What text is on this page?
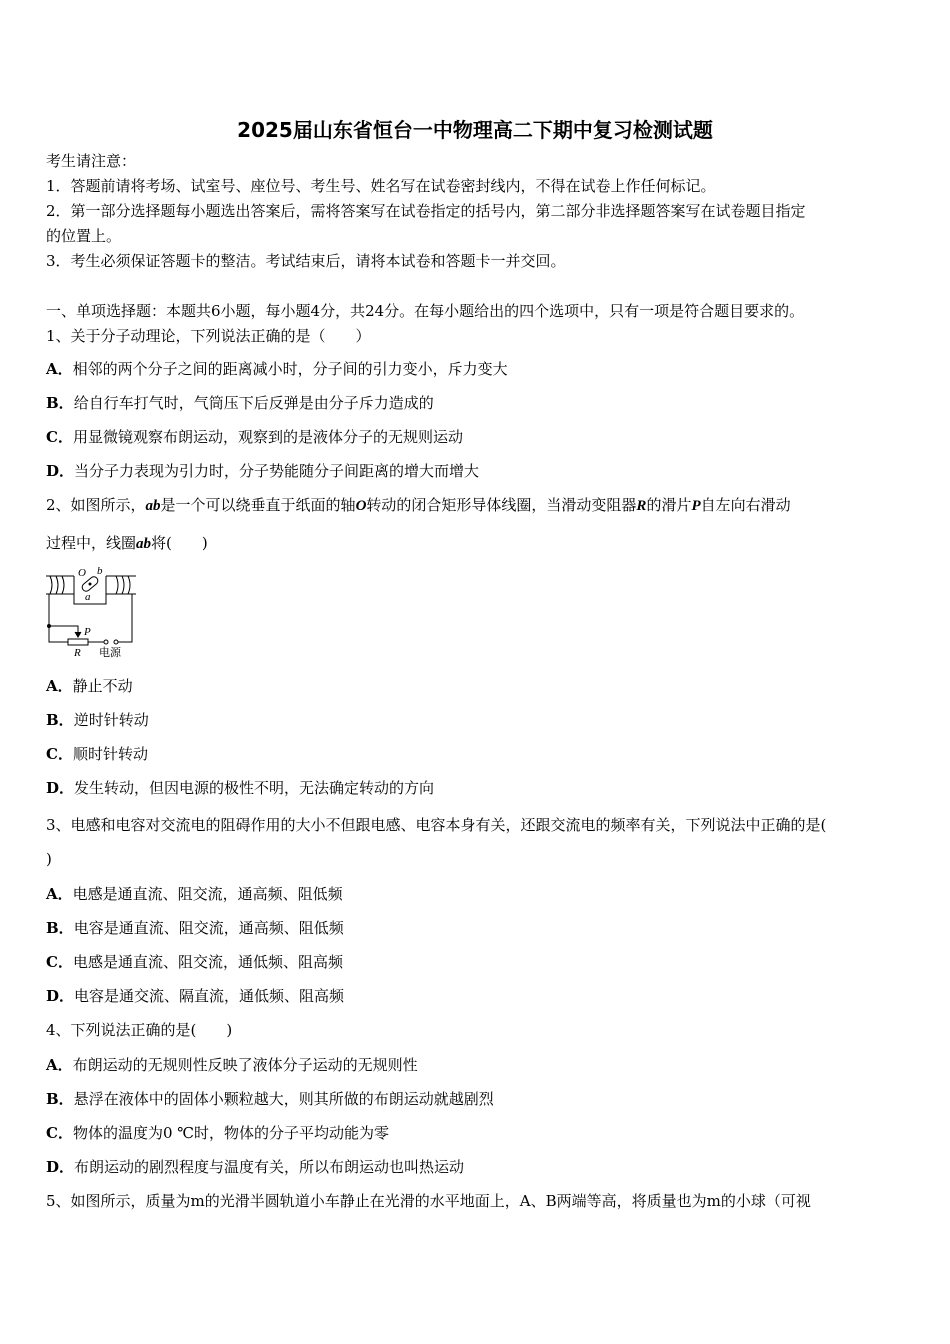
2025届山东省恒台一中物理高二下期中复习检测试题
考生请注意：
1．答题前请将考场、试室号、座位号、考生号、姓名写在试卷密封线内，不得在试卷上作任何标记。
2．第一部分选择题每小题选出答案后，需将答案写在试卷指定的括号内，第二部分非选择题答案写在试卷题目指定
的位置上。
3．考生必须保证答题卡的整洁。考试结束后，请将本试卷和答题卡一并交回。
一、单项选择题：本题共6小题，每小题4分，共24分。在每小题给出的四个选项中，只有一项是符合题目要求的。
1、关于分子动理论，下列说法正确的是（　　）
A．相邻的两个分子之间的距离减小时，分子间的引力变小，斥力变大
B．给自行车打气时，气筒压下后反弹是由分子斥力造成的
C．用显微镜观察布朗运动，观察到的是液体分子的无规则运动
D．当分子力表现为引力时，分子势能随分子间距离的增大而增大
2、如图所示，ab是一个可以绕垂直于纸面的轴O转动的闭合矩形导体线圈，当滑动变阻器R的滑片P自左向右滑动
过程中，线圈ab将(　　)
O b
a
P
R 电源
A．静止不动
B．逆时针转动
C．顺时针转动
D．发生转动，但因电源的极性不明，无法确定转动的方向
3、电感和电容对交流电的阻碍作用的大小不但跟电感、电容本身有关，还跟交流电的频率有关，下列说法中正确的是(
)
A．电感是通直流、阻交流，通高频、阻低频
B．电容是通直流、阻交流，通高频、阻低频
C．电感是通直流、阻交流，通低频、阻高频
D．电容是通交流、隔直流，通低频、阻高频
4、下列说法正确的是(　　)
A．布朗运动的无规则性反映了液体分子运动的无规则性
B．悬浮在液体中的固体小颗粒越大，则其所做的布朗运动就越剧烈
C．物体的温度为0 ℃时，物体的分子平均动能为零
D．布朗运动的剧烈程度与温度有关，所以布朗运动也叫热运动
5、如图所示，质量为m的光滑半圆轨道小车静止在光滑的水平地面上，A、B两端等高，将质量也为m的小球（可视
